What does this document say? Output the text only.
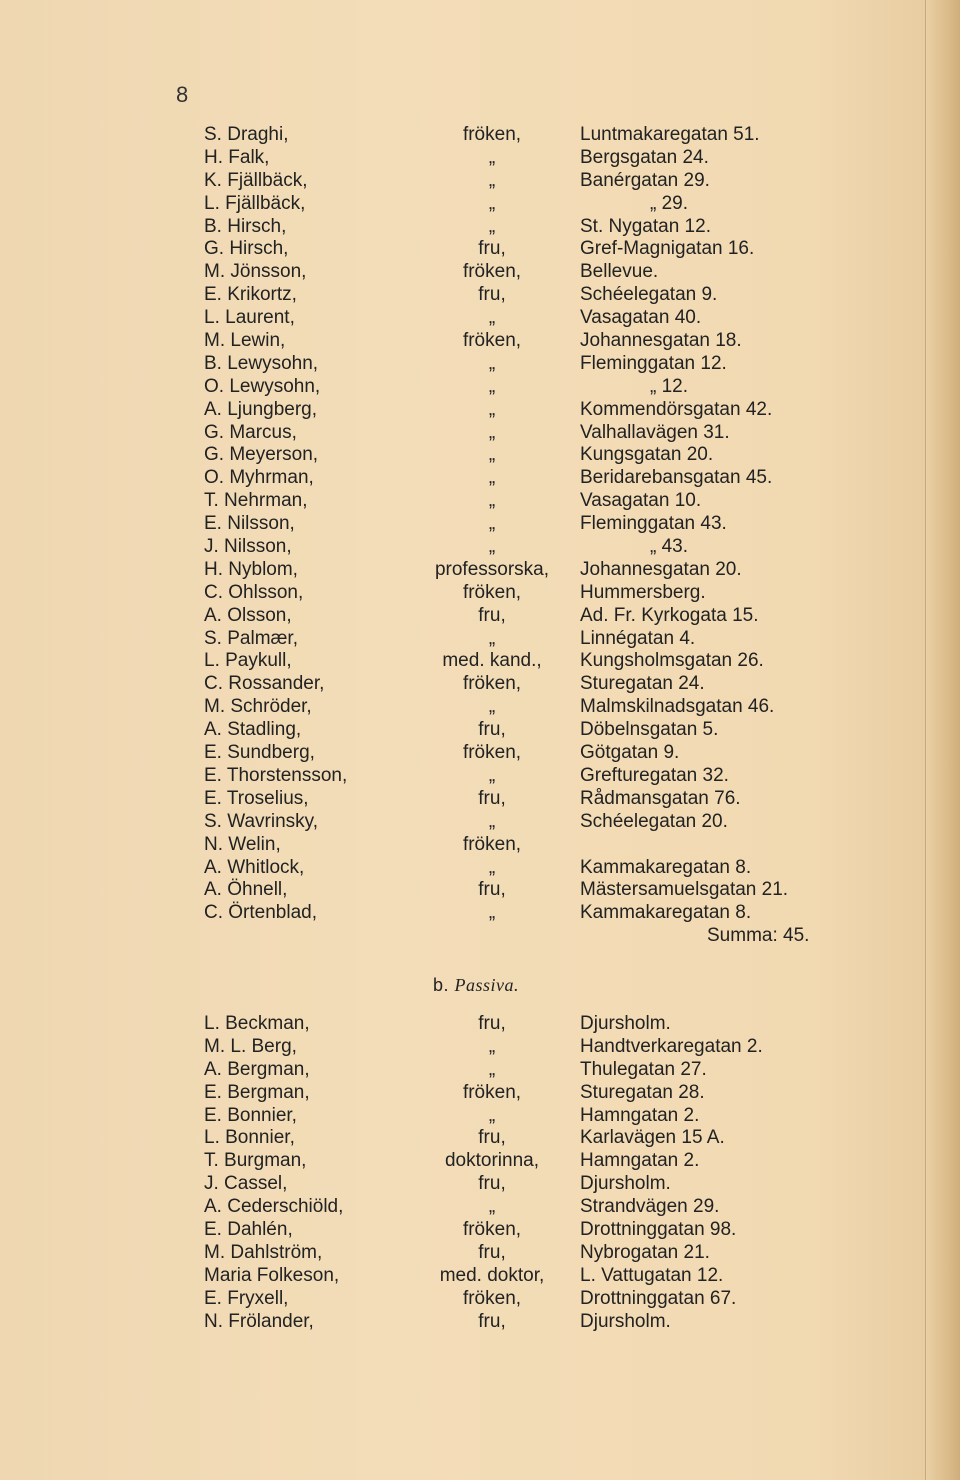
8
S. Draghi,	fröken,	Luntmakaregatan 51.
H. Falk,	„	Bergsgatan 24.
K. Fjällbäck,	„	Banérgatan 29.
L. Fjällbäck,	„	„ 29.
B. Hirsch,	„	St. Nygatan 12.
G. Hirsch,	fru,	Gref-Magnigatan 16.
M. Jönsson,	fröken,	Bellevue.
E. Krikortz,	fru,	Schéelegatan 9.
L. Laurent,	„	Vasagatan 40.
M. Lewin,	fröken,	Johannesgatan 18.
B. Lewysohn,	„	Fleminggatan 12.
O. Lewysohn,	„	„ 12.
A. Ljungberg,	„	Kommendörsgatan 42.
G. Marcus,	„	Valhallavägen 31.
G. Meyerson,	„	Kungsgatan 20.
O. Myhrman,	„	Beridarebansgatan 45.
T. Nehrman,	„	Vasagatan 10.
E. Nilsson,	„	Fleminggatan 43.
J. Nilsson,	„	„ 43.
H. Nyblom,	professorska,	Johannesgatan 20.
C. Ohlsson,	fröken,	Hummersberg.
A. Olsson,	fru,	Ad. Fr. Kyrkogata 15.
S. Palmær,	„	Linnégatan 4.
L. Paykull,	med. kand.,	Kungsholmsgatan 26.
C. Rossander,	fröken,	Sturegatan 24.
M. Schröder,	„	Malmskilnadsgatan 46.
A. Stadling,	fru,	Döbelnsgatan 5.
E. Sundberg,	fröken,	Götgatan 9.
E. Thorstensson,	„	Grefturegatan 32.
E. Troselius,	fru,	Rådmansgatan 76.
S. Wavrinsky,	„	Schéelegatan 20.
N. Welin,	fröken,
A. Whitlock,	„	Kammakaregatan 8.
A. Öhnell,	fru,	Mästersamuelsgatan 21.
C. Örtenblad,	„	Kammakaregatan 8.
Summa: 45.
b. Passiva.
L. Beckman,	fru,	Djursholm.
M. L. Berg,	„	Handtverkaregatan 2.
A. Bergman,	„	Thulegatan 27.
E. Bergman,	fröken,	Sturegatan 28.
E. Bonnier,	„	Hamngatan 2.
L. Bonnier,	fru,	Karlavägen 15 A.
T. Burgman,	doktorinna,	Hamngatan 2.
J. Cassel,	fru,	Djursholm.
A. Cederschiöld,	„	Strandvägen 29.
E. Dahlén,	fröken,	Drottninggatan 98.
M. Dahlström,	fru,	Nybrogatan 21.
Maria Folkeson,	med. doktor,	L. Vattugatan 12.
E. Fryxell,	fröken,	Drottninggatan 67.
N. Frölander,	fru,	Djursholm.
